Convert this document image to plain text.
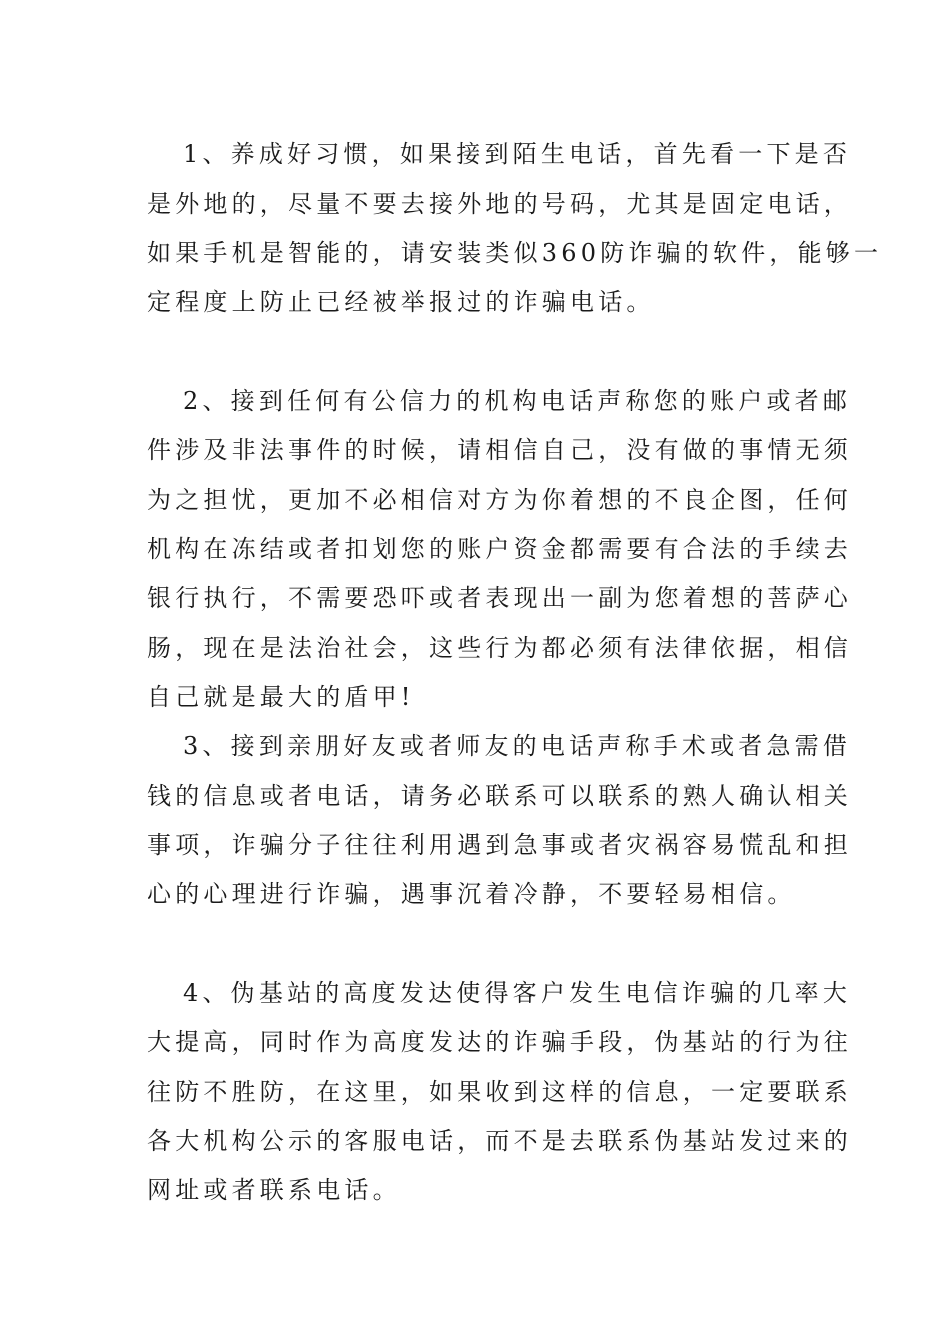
1、养成好习惯，如果接到陌生电话，首先看一下是否
是外地的，尽量不要去接外地的号码，尤其是固定电话，
如果手机是智能的，请安装类似360防诈骗的软件，能够一
定程度上防止已经被举报过的诈骗电话。
2、接到任何有公信力的机构电话声称您的账户或者邮
件涉及非法事件的时候，请相信自己，没有做的事情无须
为之担忧，更加不必相信对方为你着想的不良企图，任何
机构在冻结或者扣划您的账户资金都需要有合法的手续去
银行执行，不需要恐吓或者表现出一副为您着想的菩萨心
肠，现在是法治社会，这些行为都必须有法律依据，相信
自己就是最大的盾甲!
3、接到亲朋好友或者师友的电话声称手术或者急需借
钱的信息或者电话，请务必联系可以联系的熟人确认相关
事项，诈骗分子往往利用遇到急事或者灾祸容易慌乱和担
心的心理进行诈骗，遇事沉着冷静，不要轻易相信。
4、伪基站的高度发达使得客户发生电信诈骗的几率大
大提高，同时作为高度发达的诈骗手段，伪基站的行为往
往防不胜防，在这里，如果收到这样的信息，一定要联系
各大机构公示的客服电话，而不是去联系伪基站发过来的
网址或者联系电话。
